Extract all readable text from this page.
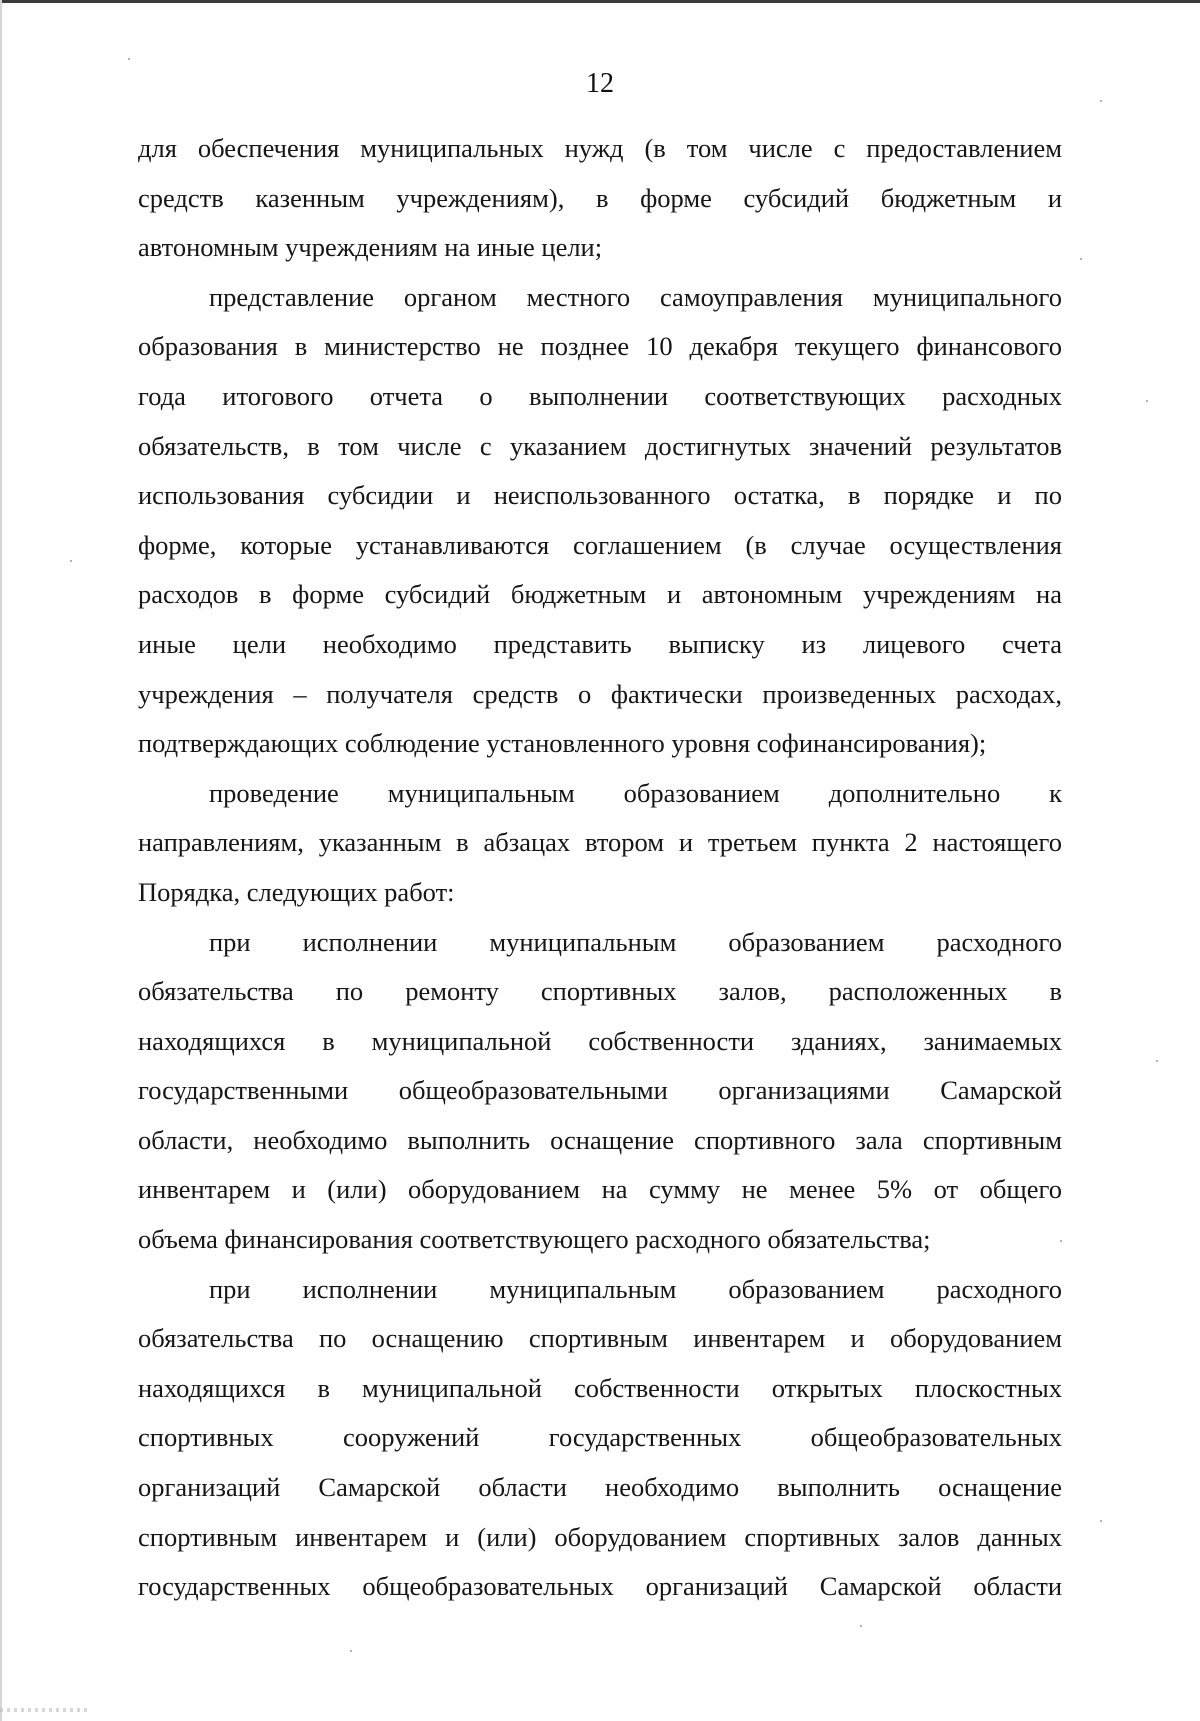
12
для обеспечения муниципальных нужд (в том числе с предоставлением
средств казенным учреждениям), в форме субсидий бюджетным и
автономным учреждениям на иные цели;
представление органом местного самоуправления муниципального
образования в министерство не позднее 10 декабря текущего финансового
года итогового отчета о выполнении соответствующих расходных
обязательств, в том числе с указанием достигнутых значений результатов
использования субсидии и неиспользованного остатка, в порядке и по
форме, которые устанавливаются соглашением (в случае осуществления
расходов в форме субсидий бюджетным и автономным учреждениям на
иные цели необходимо представить выписку из лицевого счета
учреждения – получателя средств о фактически произведенных расходах,
подтверждающих соблюдение установленного уровня софинансирования);
проведение муниципальным образованием дополнительно к
направлениям, указанным в абзацах втором и третьем пункта 2 настоящего
Порядка, следующих работ:
при исполнении муниципальным образованием расходного
обязательства по ремонту спортивных залов, расположенных в
находящихся в муниципальной собственности зданиях, занимаемых
государственными общеобразовательными организациями Самарской
области, необходимо выполнить оснащение спортивного зала спортивным
инвентарем и (или) оборудованием на сумму не менее 5% от общего
объема финансирования соответствующего расходного обязательства;
при исполнении муниципальным образованием расходного
обязательства по оснащению спортивным инвентарем и оборудованием
находящихся в муниципальной собственности открытых плоскостных
спортивных сооружений государственных общеобразовательных
организаций Самарской области необходимо выполнить оснащение
спортивным инвентарем и (или) оборудованием спортивных залов данных
государственных общеобразовательных организаций Самарской области
